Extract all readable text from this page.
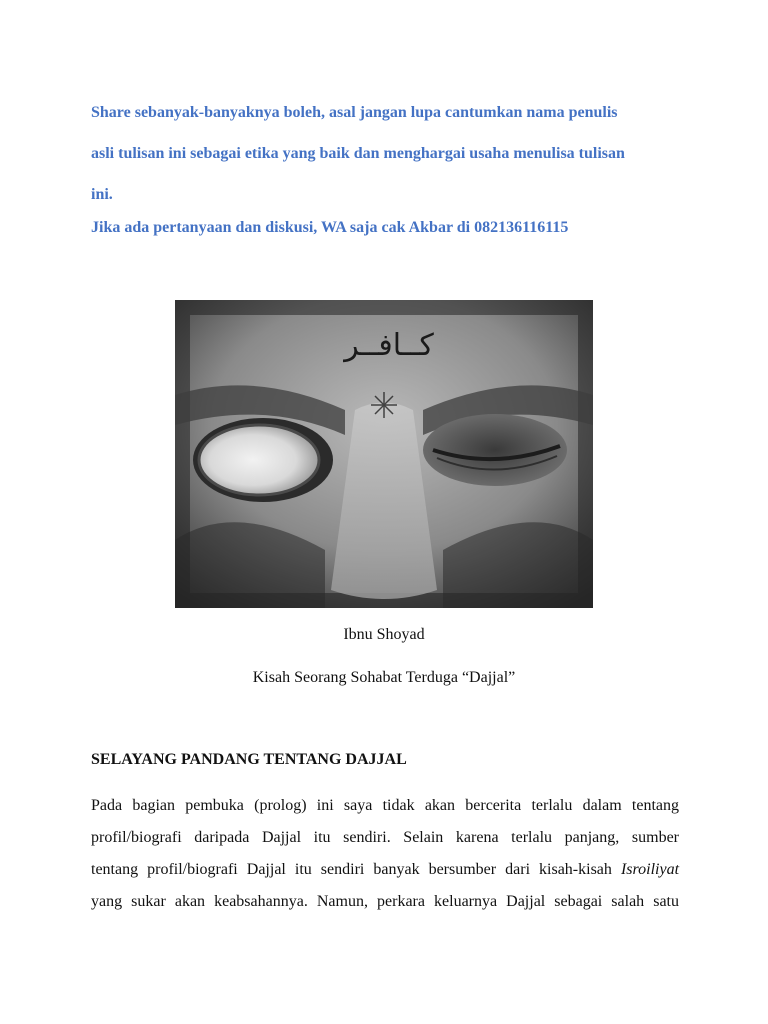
Share sebanyak-banyaknya boleh, asal jangan lupa cantumkan nama penulis
asli tulisan ini sebagai etika yang baik dan menghargai usaha menulisa tulisan
ini.

Jika ada pertanyaan dan diskusi, WA saja cak Akbar di 082136116115

كــافــر

Ibnu Shoyad

Kisah Seorang Sohabat Terduga “Dajjal”

SELAYANG PANDANG TENTANG DAJJAL

Pada bagian pembuka (prolog) ini saya tidak akan bercerita terlalu dalam tentang
profil/biografi daripada Dajjal itu sendiri. Selain karena terlalu panjang, sumber
tentang profil/biografi Dajjal itu sendiri banyak bersumber dari kisah-kisah Isroiliyat
yang sukar akan keabsahannya. Namun, perkara keluarnya Dajjal sebagai salah satu
